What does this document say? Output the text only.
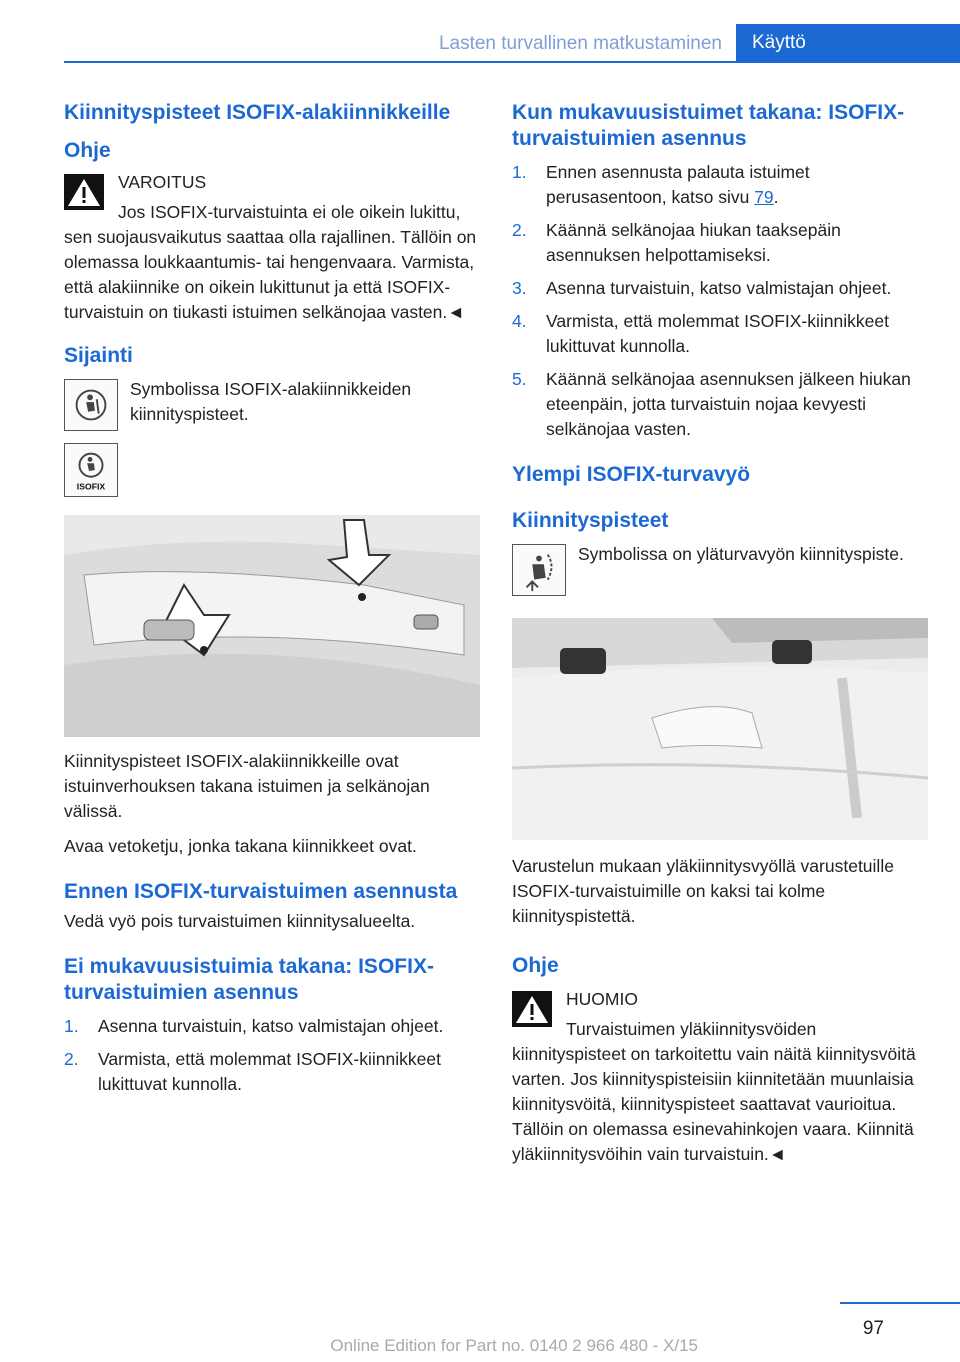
Lasten turvallinen matkustaminen	Käyttö
Kiinnityspisteet ISOFIX-alakiinnikkeille
Ohje

VAROITUS

Jos ISOFIX-turvaistuinta ei ole oikein lukittu, sen suojausvaikutus saattaa olla rajallinen. Tällöin on olemassa loukkaantumis- tai hengenvaara. Varmista, että alakiinnike on oikein lukittunut ja että ISOFIX-turvaistuin on tiukasti istuimen selkänojaa vasten.◄

Sijainti

Symbolissa ISOFIX-alakiinnikkeiden kiinnityspisteet.

ISOFIX

Kiinnityspisteet ISOFIX-alakiinnikkeille ovat istuinverhouksen takana istuimen ja selkänojan välissä.

Avaa vetoketju, jonka takana kiinnikkeet ovat.

Ennen ISOFIX-turvaistuimen asennusta

Vedä vyö pois turvaistuimen kiinnitysalueelta.

Ei mukavuusistuimia takana: ISOFIX-turvaistuimien asennus
1. Asenna turvaistuin, katso valmistajan ohjeet.
2. Varmista, että molemmat ISOFIX-kiinnikkeet lukittuvat kunnolla.
Kun mukavuusistuimet takana: ISOFIX-turvaistuimien asennus
1. Ennen asennusta palauta istuimet perusasentoon, katso sivu 79.
2. Käännä selkänojaa hiukan taaksepäin asennuksen helpottamiseksi.
3. Asenna turvaistuin, katso valmistajan ohjeet.
4. Varmista, että molemmat ISOFIX-kiinnikkeet lukittuvat kunnolla.
5. Käännä selkänojaa asennuksen jälkeen hiukan eteenpäin, jotta turvaistuin nojaa kevyesti selkänojaa vasten.
Ylempi ISOFIX-turvavyö
Kiinnityspisteet

Symbolissa on yläturvavyön kiinnityspiste.

Varustelun mukaan yläkiinnitysvyöllä varustetuille ISOFIX-turvaistuimille on kaksi tai kolme kiinnityspistettä.

Ohje

HUOMIO

Turvaistuimen yläkiinnitysvöiden kiinnityspisteet on tarkoitettu vain näitä kiinnitysvöitä varten. Jos kiinnityspisteisiin kiinnitetään muunlaisia kiinnitysvöitä, kiinnityspisteet saattavat vaurioitua. Tällöin on olemassa esinevahinkojen vaara. Kiinnitä yläkiinnitysvöihin vain turvaistuin.◄

97
Online Edition for Part no. 0140 2 966 480 - X/15
